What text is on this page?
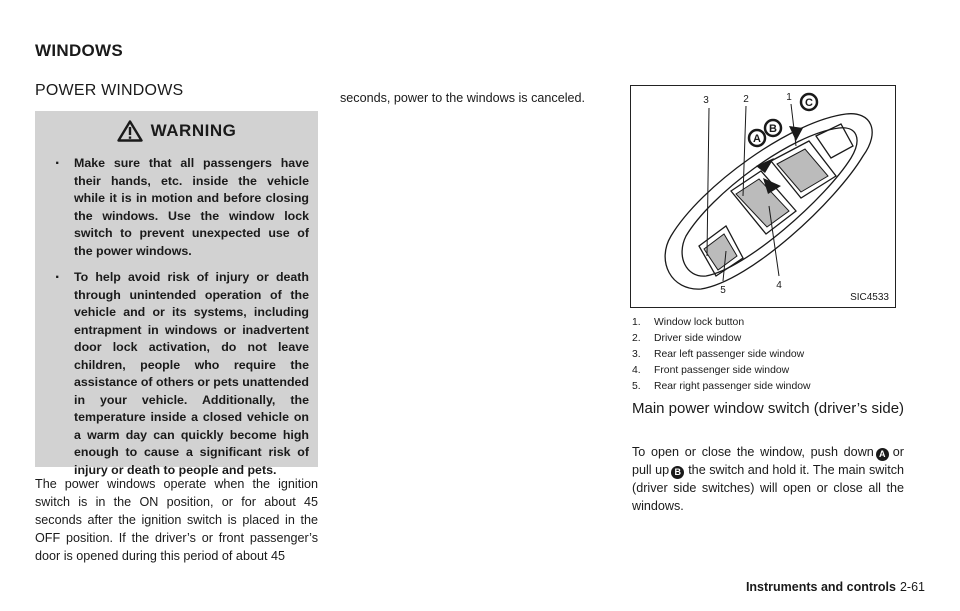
WINDOWS
POWER WINDOWS
WARNING
. Make sure that all passengers have their hands, etc. inside the vehicle while it is in motion and before closing the windows. Use the window lock switch to prevent unexpected use of the power windows.
. To help avoid risk of injury or death through unintended operation of the vehicle and or its systems, including entrapment in windows or inadvertent door lock activation, do not leave children, people who require the assistance of others or pets unattended in your vehicle. Additionally, the temperature inside a closed vehicle on a warm day can quickly become high enough to cause a significant risk of injury or death to people and pets.

The power windows operate when the ignition switch is in the ON position, or for about 45 seconds after the ignition switch is placed in the OFF position. If the driver’s or front passenger’s door is opened during this period of about 45

seconds, power to the windows is canceled.	3	2	1
4
5
C
B
A
SIC4533
1.	Window lock button
2.	Driver side window
3.	Rear left passenger side window
4.	Front passenger side window
5.	Rear right passenger side window
Main power window switch (driver’s side)

To open or close the window, push down A or pull up B the switch and hold it. The main switch (driver side switches) will open or close all the windows.

Instruments and controls 2-61
